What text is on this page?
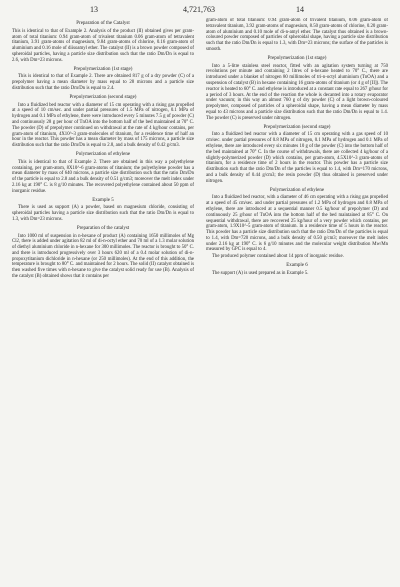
13	4,721,763	14
Preparation of the Catalyst
This is identical to that of Example 2. Analysis of the product (II) obtained gives per gram-atom of total titanium: 0.94 gram-atom of trivalent titanium 0.06 gram-atom of tetravalent titanium, 3.91 gram-atoms of magnesium, 9.84 gram-atoms of chlorine, 0.16 gram-atom of aluminium and 0.16 mole of diisoamyl ether. The catalyst (II) is a brown powder composed of spheroidal particles, having a particle size distribution such that the ratio Dm/Dn is equal to 2.6, with Dm=23 microns.
Prepolymerization (1st stage)
This is identical to that of Example 2. There are obtained 817 g of a dry powder (C) of a prepolymer having a mean diameter by mass equal to 28 microns and a particle size distribution such that the ratio Dm/Dn is equal to 2.4.
Prepolymerization (second stage)
Into a fluidized bed reactor with a diameter of 15 cm operating with a rising gas propelled at a speed of 10 cm/sec. and under partial pressures of 1.5 MPa of nitrogen, 0.1 MPa of hydrogen and 0.1 MPa of ethylene, there were introduced every 5 minutes 7.5 g of powder (C) and continuously 28 g per hour of TnOA into the bottom half of the bed maintained at 70° C. The powder (D) of prepolymer continued on withdrawal at the rate of 4 kg/hour contains, per gram-atom of titanium, 4X10^-3 gram-molecules of titanium, for a residence time of half an hour in the reactor. This powder has a mean diameter by mass of 175 microns, a particle size distribution such that the ratio Dm/Dn is equal to 2.8, and a bulk density of 0.42 g/cm3.
Polymerization of ethylene
This is identical to that of Example 2. There are obtained in this way a polyethylene containing, per gram-atom, 8X10^-6 gram-atoms of titanium; the polyethylene powder has a mean diameter by mass of 640 microns, a particle size distribution such that the ratio Dm/Dn of the particle is equal to 2.8 and a bulk density of 0.51 g/cm3; moreover the melt index under 2.16 kg at 190° C. is 8 g/10 minutes. The recovered polyethylene contained about 50 ppm of inorganic residue.
Example 5
There is used as support (A) a powder, based on magnesium chloride, consisting of spheroidal particles having a particle size distribution such that the ratio Dm/Dn is equal to 1.3, with Dm=23 microns.
Preparation of the catalyst
Into 1000 ml of suspension in n-hexane of product (A) containing 1650 millimoles of Mg Cl2, there is added under agitation 82 ml of di-n-octyl ether and 70 ml of a 1.3 molar solution of diethyl aluminium chloride in n-hexane for 300 millimoles. The reactor is brought to 50° C. and there is introduced progressively over 3 hours 620 ml of a 0.4 molar solution of di-n-propoxytitanium dichloride in n-hexane (or 250 millimoles). At the end of this addition, the temperature is brought to 80° C. and maintained for 2 hours. The solid (II) catalyst obtained is then washed five times with n-hexane to give the catalyst solid ready for use (B). Analysis of the catalyst (B) obtained shows that it contains per
gram-atom of total titanium: 0.94 gram-atom of trivalent titanium, 0.06 gram-atom of tetravalent titanium, 3.92 gram-atoms of magnesium, 8.50 gram-atoms of chlorine, 0.20 gram-atom of aluminium and 0.10 mole of di-n-amyl ether. The catalyst thus obtained is a brown-coloured powder composed of particles of spheroidal shape, having a particle size distribution such that the ratio Dm/Dn is equal to 1.3, with Dm=23 microns; the surface of the particles is smooth.
Prepolymerization (1st stage)
Into a 5-litre stainless steel reactor, fitted with an agitation system turning at 750 revolutions per minute and containing 2 litres of n-hexane heated to 70° C., there are introduced under a blanket of nitrogen 80 millimoles of tri-n-octyl aluminium (TnOA) and a suspension of catalyst (B) in hexane containing 16 gram-atoms of titanium (or 4 g of [II]). The reactor is heated to 60° C. and ethylene is introduced at a constant rate equal to 267 g/hour for a period of 3 hours. At the end of the reaction the whole is decanted into a rotary evaporator under vacuum; in this way an almost 760 g of dry powder (C) of a light brown-coloured prepolymer, composed of particles of a spheroidal shape, having a mean diameter by mass equal to 43 microns and a particle size distribution such that the ratio Dm/Dn is equal to 1.4. The powder (C) is preserved under nitrogen.
Prepolymerization (second stage)
Into a fluidized bed reactor with a diameter of 15 cm operating with a gas speed of 10 cm/sec. under partial pressures of 0.8 MPa of nitrogen, 0.1 MPa of hydrogen and 0.1 MPa of ethylene, there are introduced every six minutes 10 g of the powder (C) into the bottom half of the bed maintained at 70° C. In the course of withdrawals, there are collected 4 kg/hour of a slightly-polymerized powder (D) which contains, per gram-atom, 4.5X10^-3 gram-atoms of titanium, for a residence time of 2 hours in the reactor. This powder has a particle size distribution such that the ratio Dm/Dn of the particles is equal to 1.4, with Dm=170 microns, and a bulk density of 0.44 g/cm3; the resin powder (D) thus obtained is preserved under nitrogen.
Polymerization of ethylene
Into a fluidized bed reactor, with a diameter of 46 cm operating with a rising gas propelled at a speed of 45 cm/sec. and under partial pressures of 1.2 MPa of hydrogen and 0.8 MPa of ethylene, there are introduced at a sequential manner 0.5 kg/hour of prepolymer (D) and continuously 25 g/hour of TnOA into the bottom half of the bed maintained at 85° C. On sequential withdrawal, there are recovered 25 kg/hour of a very powder which contains, per gram-atom, 1.9X10^-5 gram-atom of titanium. In a residence time of 5 hours in the reactor. This powder has a particle size distribution such that the ratio Dm/Dn of the particles is equal to 1.4, with Dm=720 microns, and a bulk density of 0.50 g/cm3; moreover the melt index under 2.16 kg at 190° C. is 6 g/10 minutes and the molecular weight distribution Mw/Mn measured by GPC is equal to 4.
The produced polymer contained about 14 ppm of inorganic residue.
Example 6
The support (A) is used prepared as in Example 5.
